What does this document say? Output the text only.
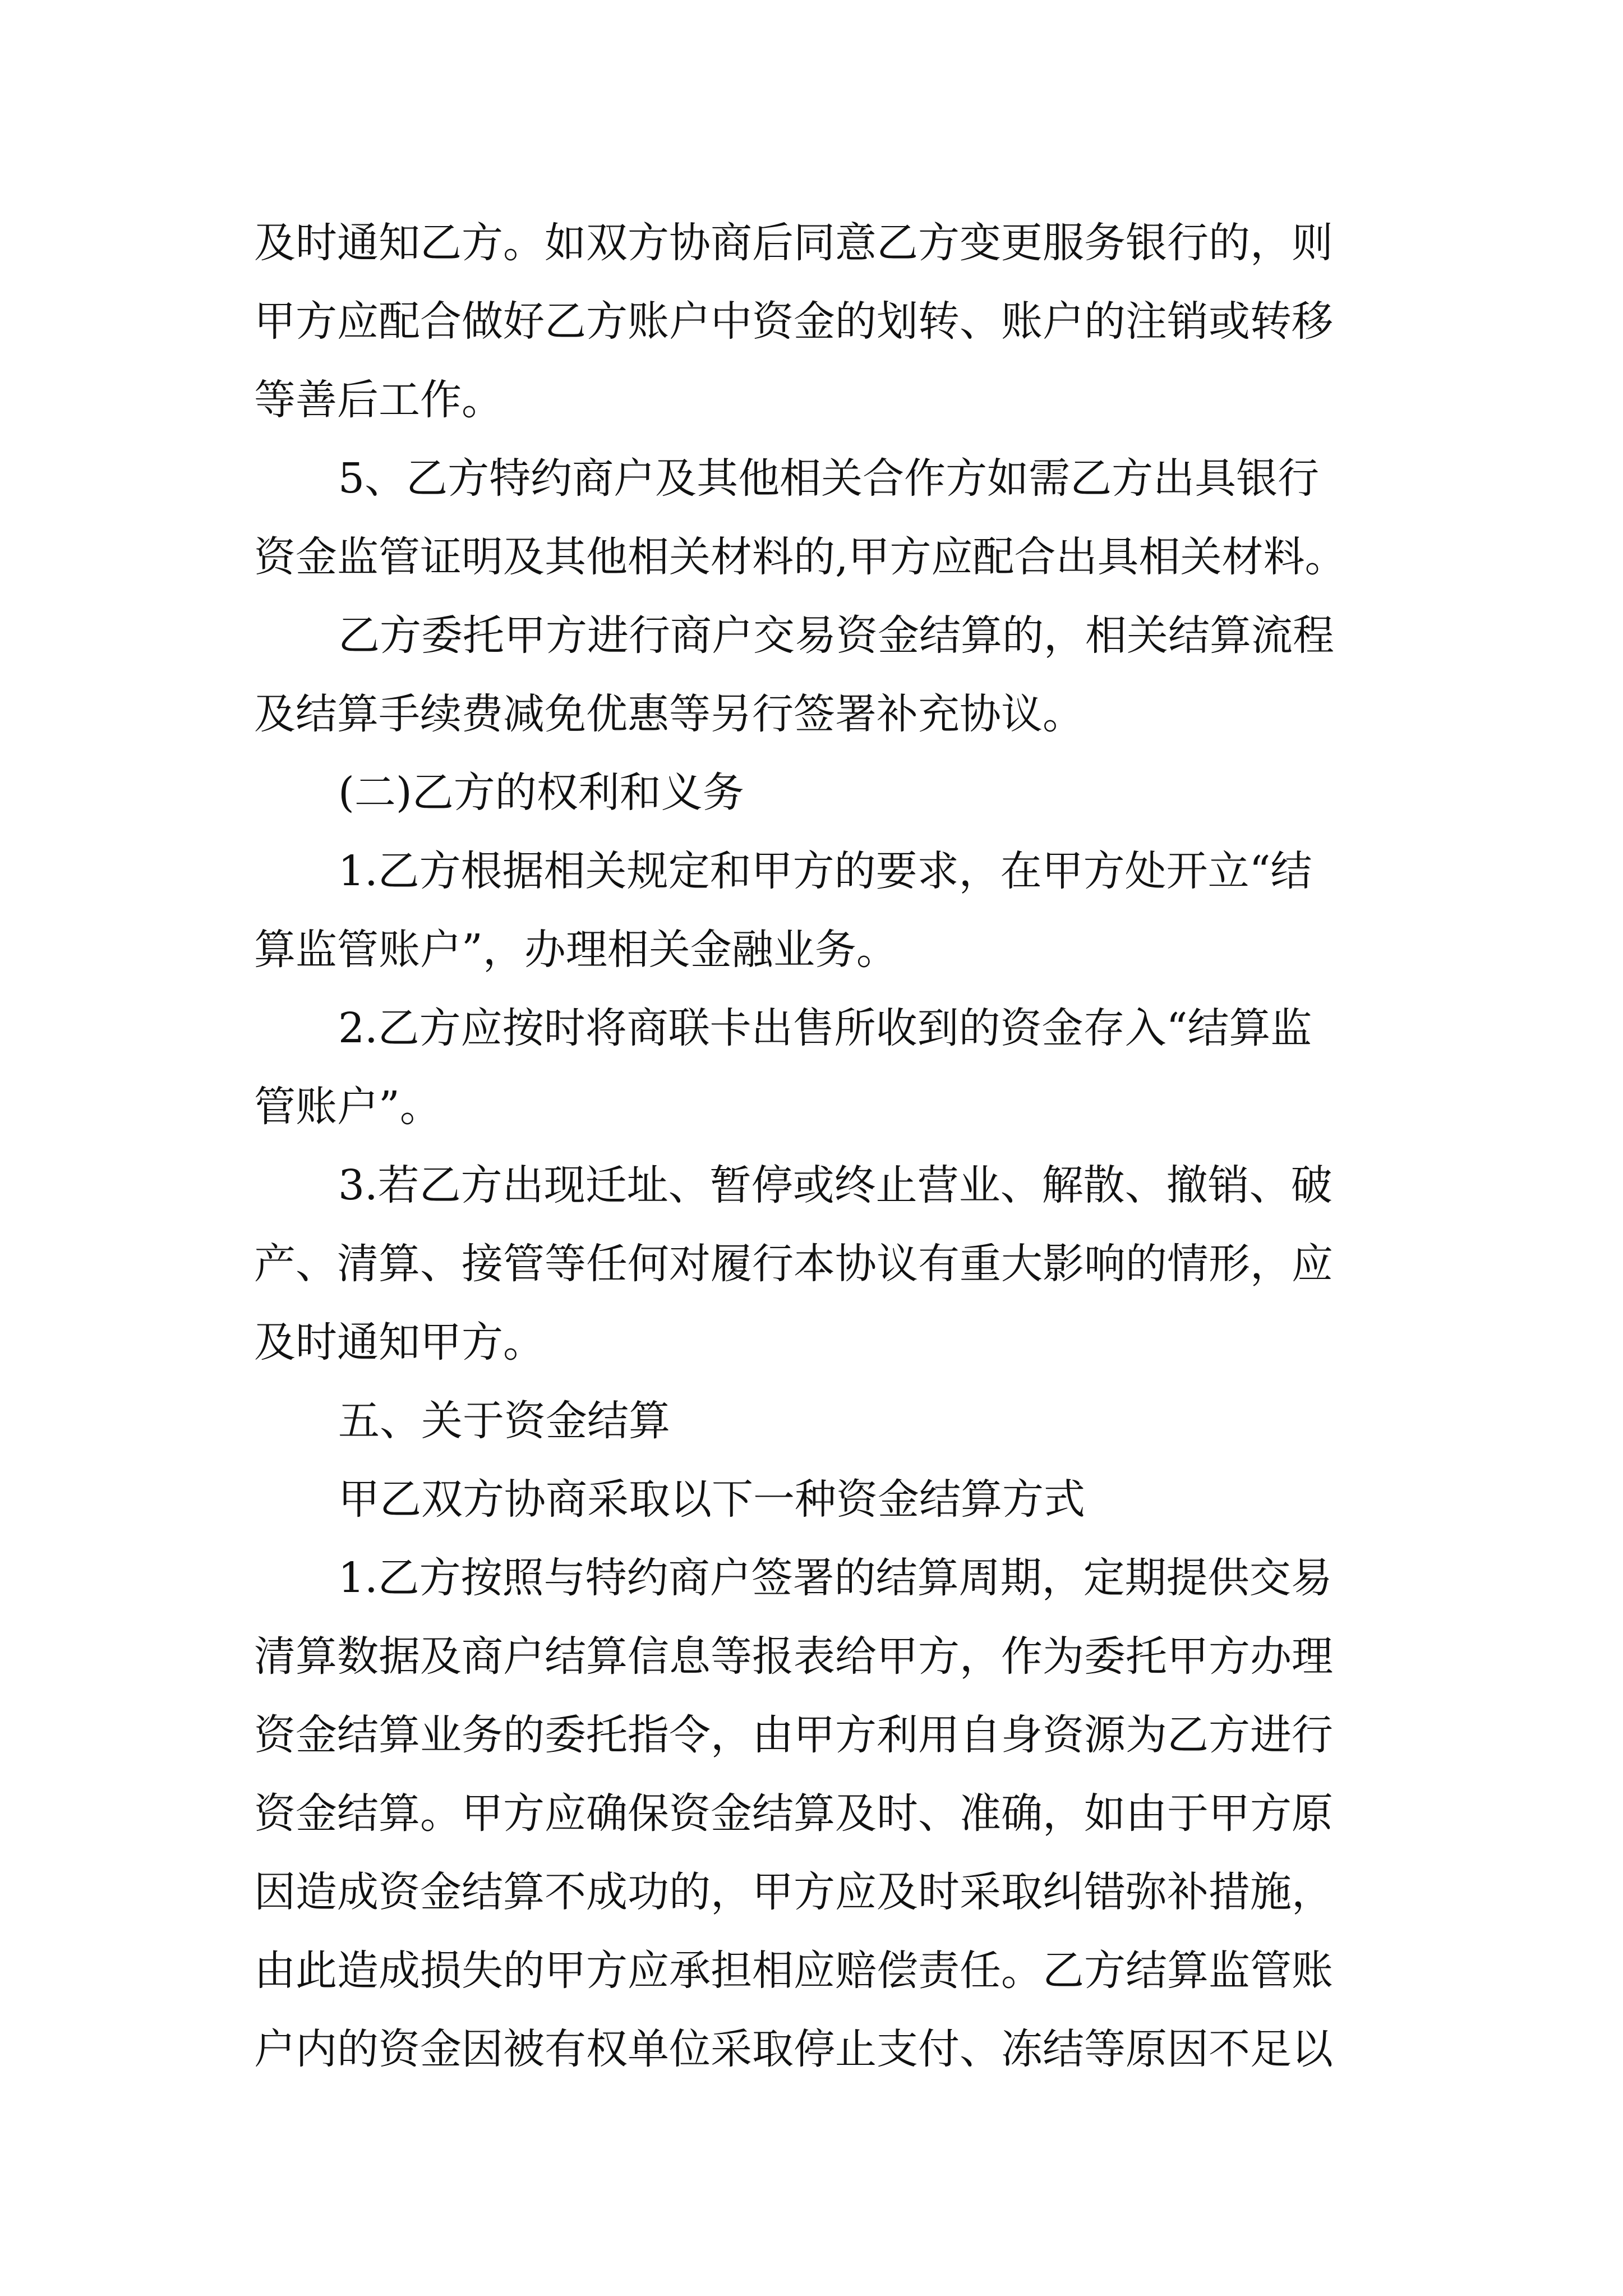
及时通知乙方。如双方协商后同意乙方变更服务银行的，则
甲方应配合做好乙方账户中资金的划转、账户的注销或转移
等善后工作。
5、乙方特约商户及其他相关合作方如需乙方出具银行
资金监管证明及其他相关材料的,甲方应配合出具相关材料。
乙方委托甲方进行商户交易资金结算的，相关结算流程
及结算手续费减免优惠等另行签署补充协议。
(二)乙方的权利和义务
1.乙方根据相关规定和甲方的要求，在甲方处开立“结
算监管账户”，办理相关金融业务。
2.乙方应按时将商联卡出售所收到的资金存入“结算监
管账户”。
3.若乙方出现迁址、暂停或终止营业、解散、撤销、破
产、清算、接管等任何对履行本协议有重大影响的情形，应
及时通知甲方。
五、关于资金结算
甲乙双方协商采取以下一种资金结算方式
1.乙方按照与特约商户签署的结算周期，定期提供交易
清算数据及商户结算信息等报表给甲方，作为委托甲方办理
资金结算业务的委托指令，由甲方利用自身资源为乙方进行
资金结算。甲方应确保资金结算及时、准确，如由于甲方原
因造成资金结算不成功的，甲方应及时采取纠错弥补措施，
由此造成损失的甲方应承担相应赔偿责任。乙方结算监管账
户内的资金因被有权单位采取停止支付、冻结等原因不足以
